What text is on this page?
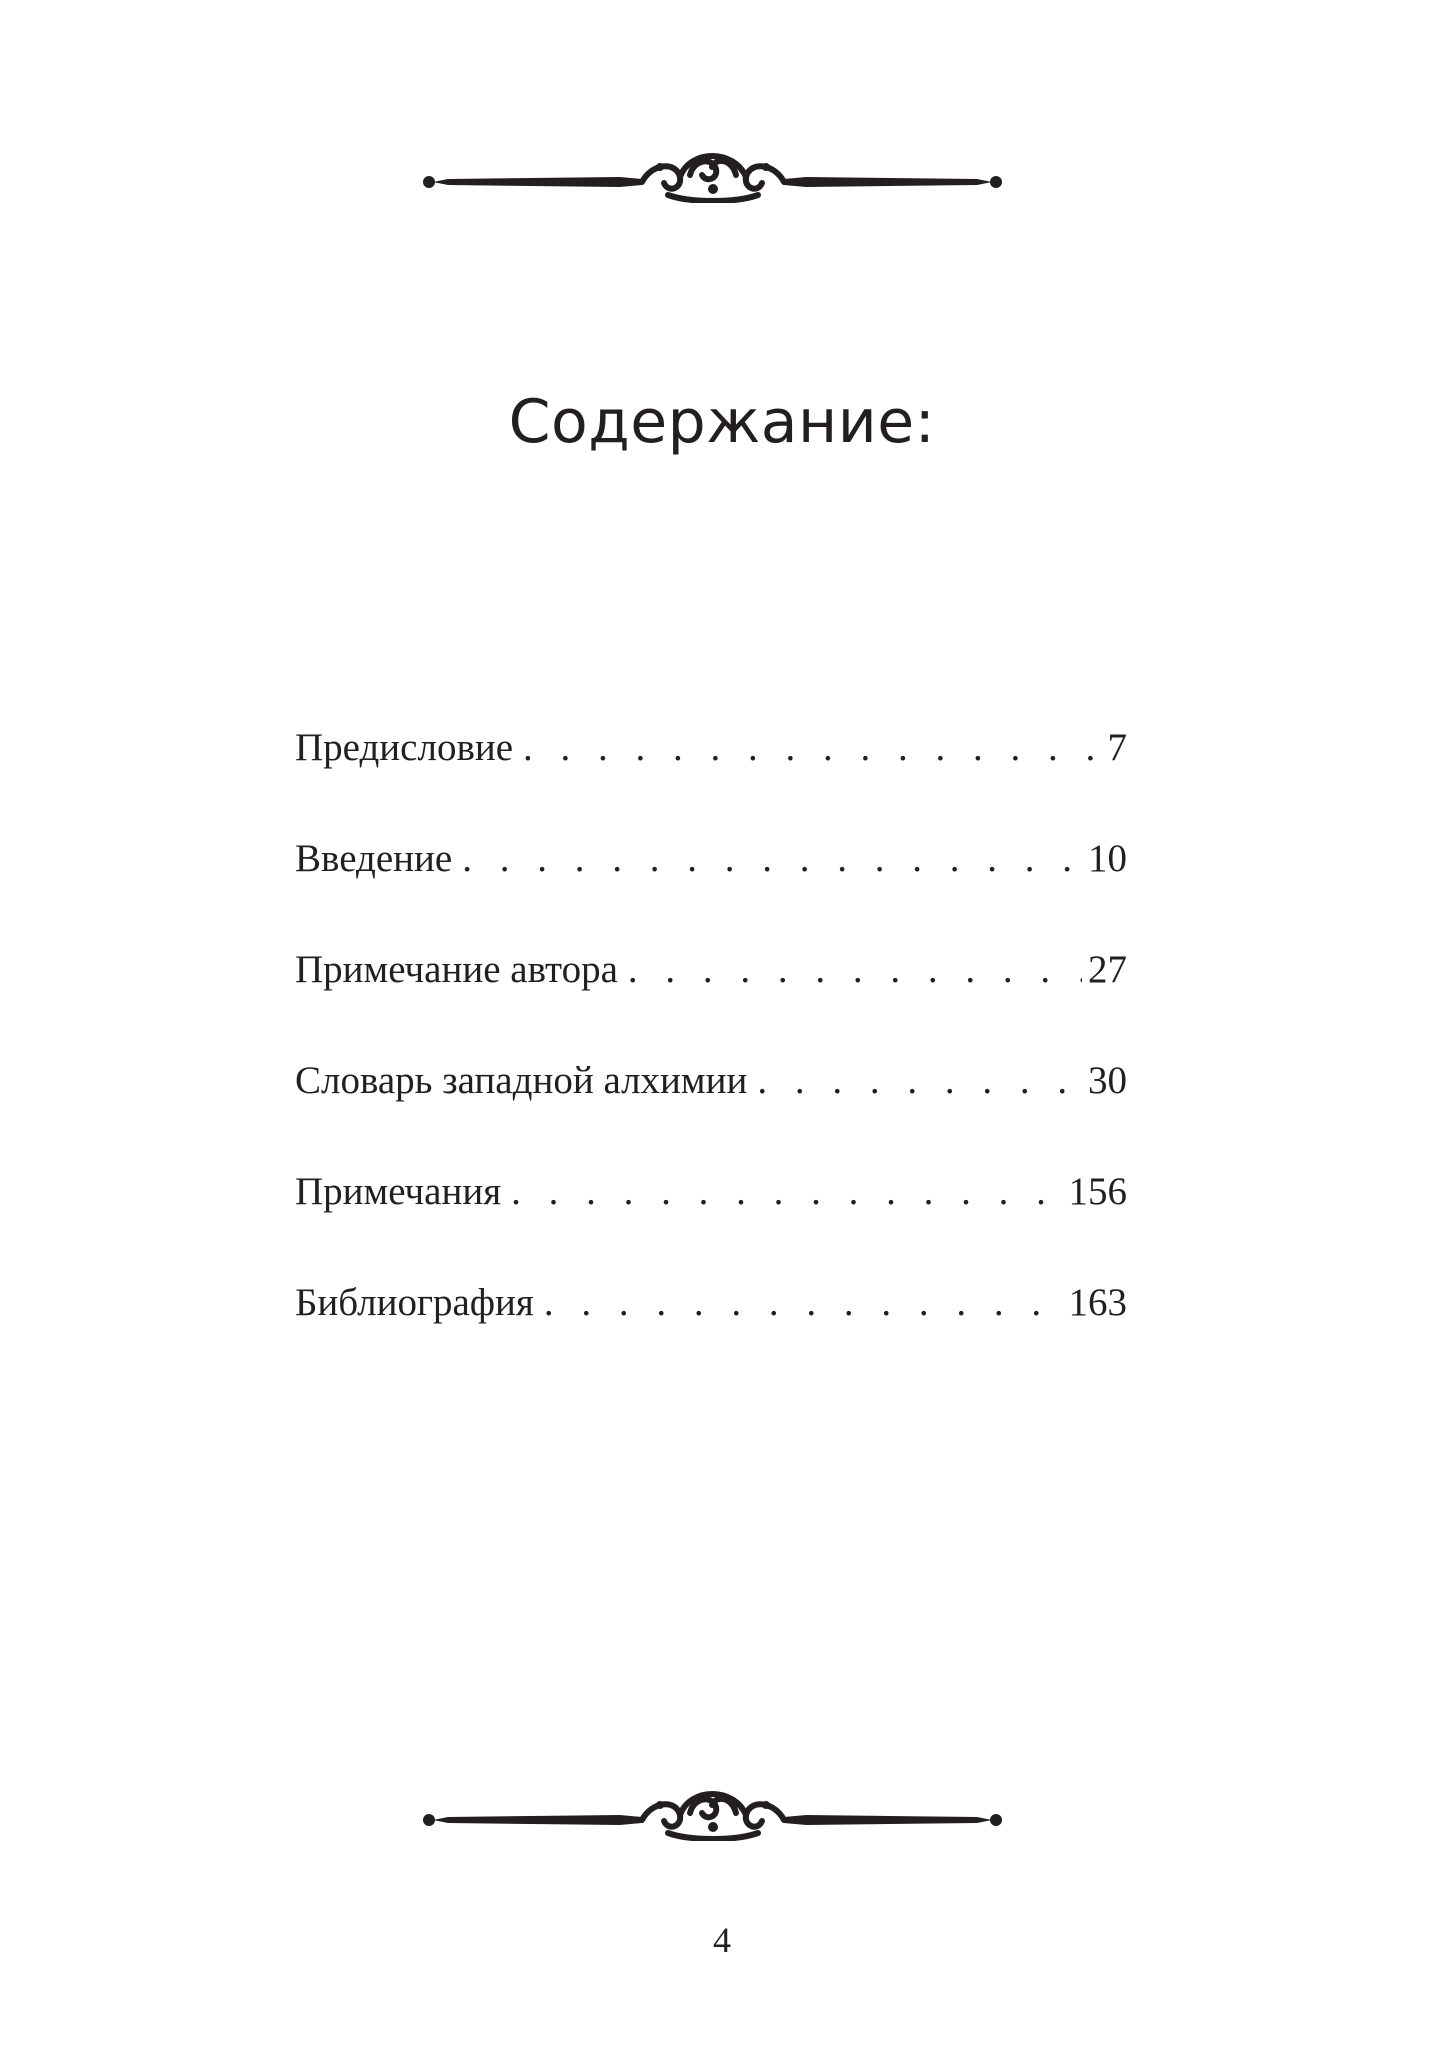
Содержание:
Предисловие . . .	7
Введение . . .	10
Примечание автора . . .	27
Словарь западной алхимии . . .	30
Примечания . . .	156
Библиография . . .	163
4
